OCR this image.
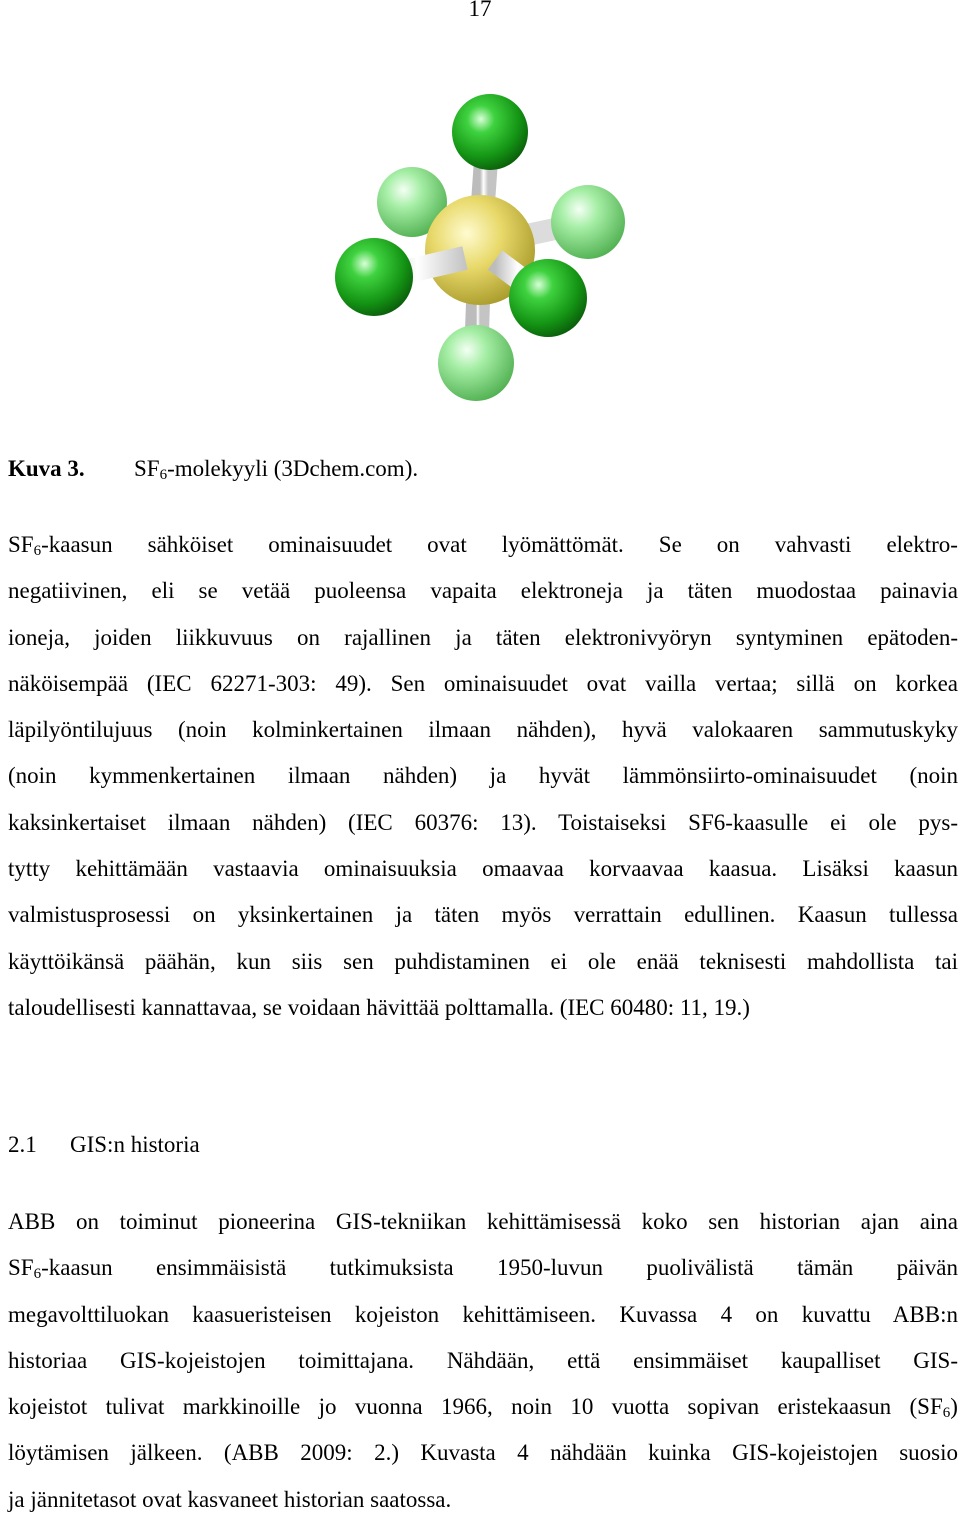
17
Kuva 3. $SF_6$-molekyyli (3Dchem.com).
$SF_6$-kaasun sähköiset ominaisuudet ovat lyömättömät. Se on vahvasti elektro-
negatiivinen, eli se vetää puoleensa vapaita elektroneja ja täten muodostaa painavia
ioneja, joiden liikkuvuus on rajallinen ja täten elektronivyöryn syntyminen epätoden-
näköisempää (IEC 62271-303: 49). Sen ominaisuudet ovat vailla vertaa; sillä on korkea
läpilyöntilujuus (noin kolminkertainen ilmaan nähden), hyvä valokaaren sammutuskyky
(noin kymmenkertainen ilmaan nähden) ja hyvät lämmönsiirto-ominaisuudet (noin
kaksinkertaiset ilmaan nähden) (IEC 60376: 13). Toistaiseksi SF6-kaasulle ei ole pys-
tytty kehittämään vastaavia ominaisuuksia omaavaa korvaavaa kaasua. Lisäksi kaasun
valmistusprosessi on yksinkertainen ja täten myös verrattain edullinen. Kaasun tullessa
käyttöikänsä päähän, kun siis sen puhdistaminen ei ole enää teknisesti mahdollista tai
taloudellisesti kannattavaa, se voidaan hävittää polttamalla. (IEC 60480: 11, 19.)
2.1 GIS:n historia
ABB on toiminut pioneerina GIS-tekniikan kehittämisessä koko sen historian ajan aina
$SF_6$-kaasun ensimmäisistä tutkimuksista 1950-luvun puolivälistä tämän päivän
megavolttiluokan kaasueristeisen kojeiston kehittämiseen. Kuvassa 4 on kuvattu ABB:n
historiaa GIS-kojeistojen toimittajana. Nähdään, että ensimmäiset kaupalliset GIS-
kojeistot tulivat markkinoille jo vuonna 1966, noin 10 vuotta sopivan eristekaasun $(SF_6)$
löytämisen jälkeen. (ABB 2009: 2.) Kuvasta 4 nähdään kuinka GIS-kojeistojen suosio
ja jännitetasot ovat kasvaneet historian saatossa.
